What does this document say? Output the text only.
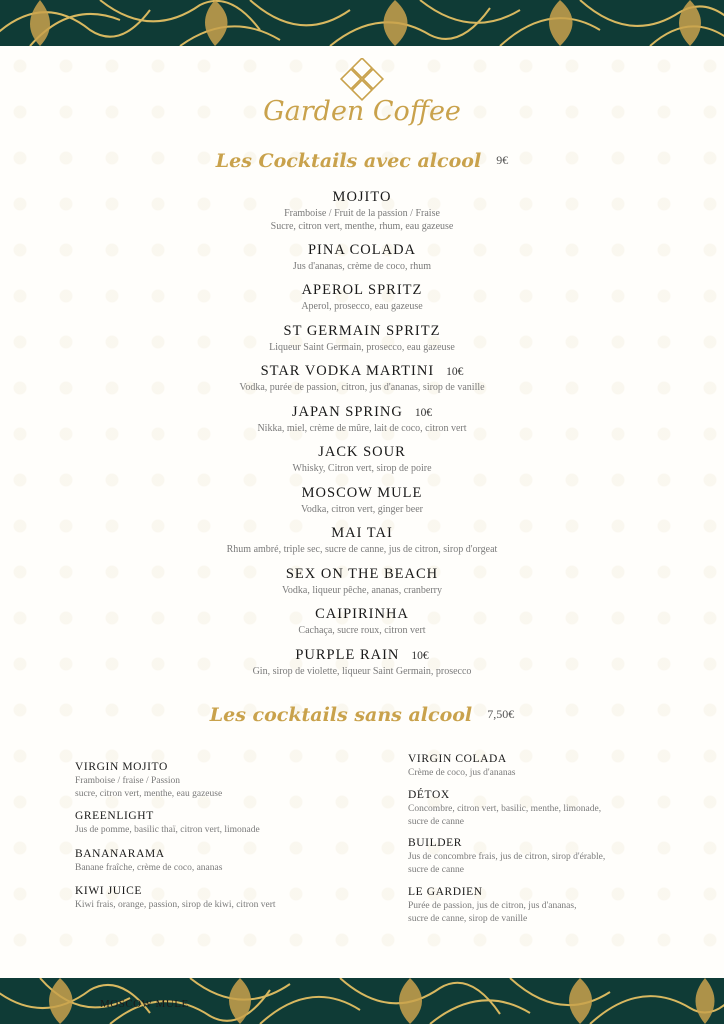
Garden Coffee
Les Cocktails avec alcool 9€
MOJITO
Framboise / Fruit de la passion / Fraise
Sucre, citron vert, menthe, rhum, eau gazeuse
PINA COLADA
Jus d'ananas, crème de coco, rhum
APEROL SPRITZ
Aperol, prosecco, eau gazeuse
ST GERMAIN SPRITZ
Liqueur Saint Germain, prosecco, eau gazeuse
STAR VODKA MARTINI 10€
Vodka, purée de passion, citron, jus d'ananas, sirop de vanille
JAPAN SPRING 10€
Nikka, miel, crème de mûre, lait de coco, citron vert
JACK SOUR
Whisky, Citron vert, sirop de poire
MOSCOW MULE
Vodka, citron vert, ginger beer
MAI TAI
Rhum ambré, triple sec, sucre de canne, jus de citron, sirop d'orgeat
SEX ON THE BEACH
Vodka, liqueur pêche, ananas, cranberry
CAIPIRINHA
Cachaça, sucre roux, citron vert
PURPLE RAIN 10€
Gin, sirop de violette, liqueur Saint Germain, prosecco
Les cocktails sans alcool 7,50€
VIRGIN MOJITO
Framboise / fraise / Passion
sucre, citron vert, menthe, eau gazeuse
GREENLIGHT
Jus de pomme, basilic thaï, citron vert, limonade
BANANARAMA
Banane fraîche, crème de coco, ananas
KIWI JUICE
Kiwi frais, orange, passion, sirop de kiwi, citron vert
VIRGIN COLADA
Crème de coco, jus d'ananas
DÉTOX
Concombre, citron vert, basilic, menthe, limonade,
sucre de canne
BUILDER
Jus de concombre frais, jus de citron, sirop d'érable,
sucre de canne
LE GARDIEN
Purée de passion, jus de citron, jus d'ananas,
sucre de canne, sirop de vanille
MOSCOW MULE
